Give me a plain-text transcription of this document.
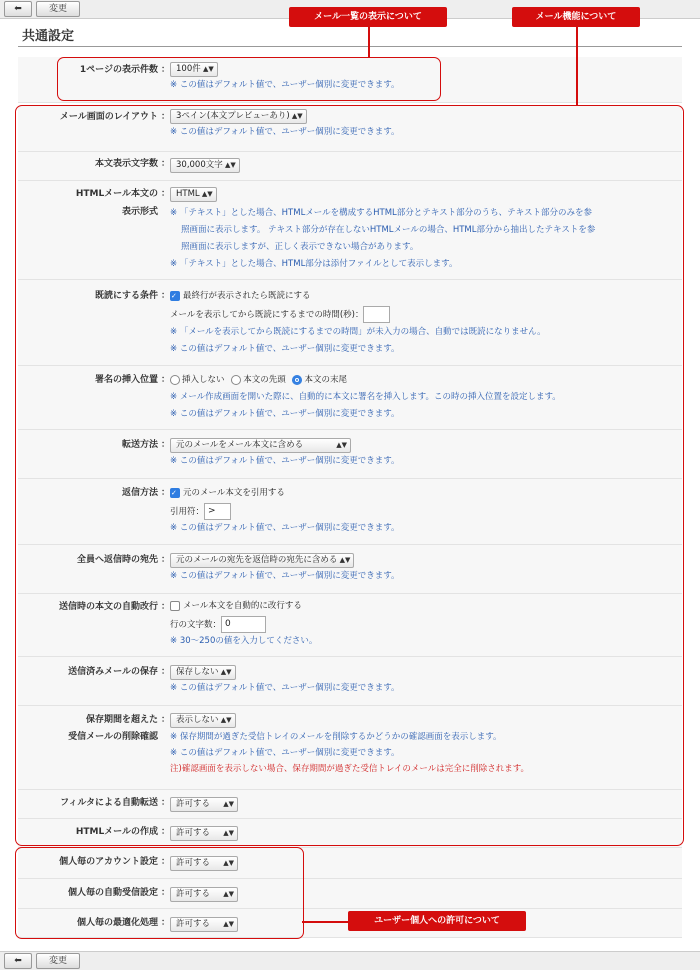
⬅	変更
共通設定
1ページの表示件数 ： 100件 ▲▼
※ この値はデフォルト値で、ユーザー個別に変更できます。
メール画面のレイアウト ： 3ペイン(本文プレビューあり) ▲▼
※ この値はデフォルト値で、ユーザー個別に変更できます。
本文表示文字数 ： 30,000文字 ▲▼
HTMLメール本文の
表示形式
： HTML ▲▼
※ 「テキスト」とした場合、HTMLメールを構成するHTML部分とテキスト部分のうち、テキスト部分のみを参
照画面に表示します。 テキスト部分が存在しないHTMLメールの場合、HTML部分から抽出したテキストを参
照画面に表示しますが、正しく表示できない場合があります。
※ 「テキスト」とした場合、HTML部分は添付ファイルとして表示します。
既読にする条件 ： ✓	最終行が表示されたら既読にする
メールを表示してから既読にするまでの時間(秒)：
※ 「メールを表示してから既読にするまでの時間」が未入力の場合、自動では既読になりません。
※ この値はデフォルト値で、ユーザー個別に変更できます。
署名の挿入位置 ：	挿入しない 本文の先頭 本文の末尾
※ メール作成画面を開いた際に、自動的に本文に署名を挿入します。この時の挿入位置を設定します。
※ この値はデフォルト値で、ユーザー個別に変更できます。
転送方法 ： 元のメールをメール本文に含める	▲▼
※ この値はデフォルト値で、ユーザー個別に変更できます。
返信方法 ： ✓	元のメール本文を引用する
引用符： >
※ この値はデフォルト値で、ユーザー個別に変更できます。
全員へ返信時の宛先 ： 元のメールの宛先を返信時の宛先に含める ▲▼
※ この値はデフォルト値で、ユーザー個別に変更できます。
送信時の本文の自動改行 ：	メール本文を自動的に改行する
行の文字数： 0
※ 30～250の値を入力してください。
送信済みメールの保存 ： 保存しない ▲▼
※ この値はデフォルト値で、ユーザー個別に変更できます。
保存期間を超えた
受信メールの削除確認
： 表示しない ▲▼
※ 保存期間が過ぎた受信トレイのメールを削除するかどうかの確認画面を表示します。
※ この値はデフォルト値で、ユーザー個別に変更できます。
注)確認画面を表示しない場合、保存期間が過ぎた受信トレイのメールは完全に削除されます。
フィルタによる自動転送 ： 許可する ▲▼
HTMLメールの作成 ： 許可する ▲▼
個人毎のアカウント設定 ： 許可する ▲▼
個人毎の自動受信設定 ： 許可する ▲▼
個人毎の最適化処理 ： 許可する ▲▼
メール一覧の表示について	メール機能について
ユーザー個人への許可について
⬅	変更
